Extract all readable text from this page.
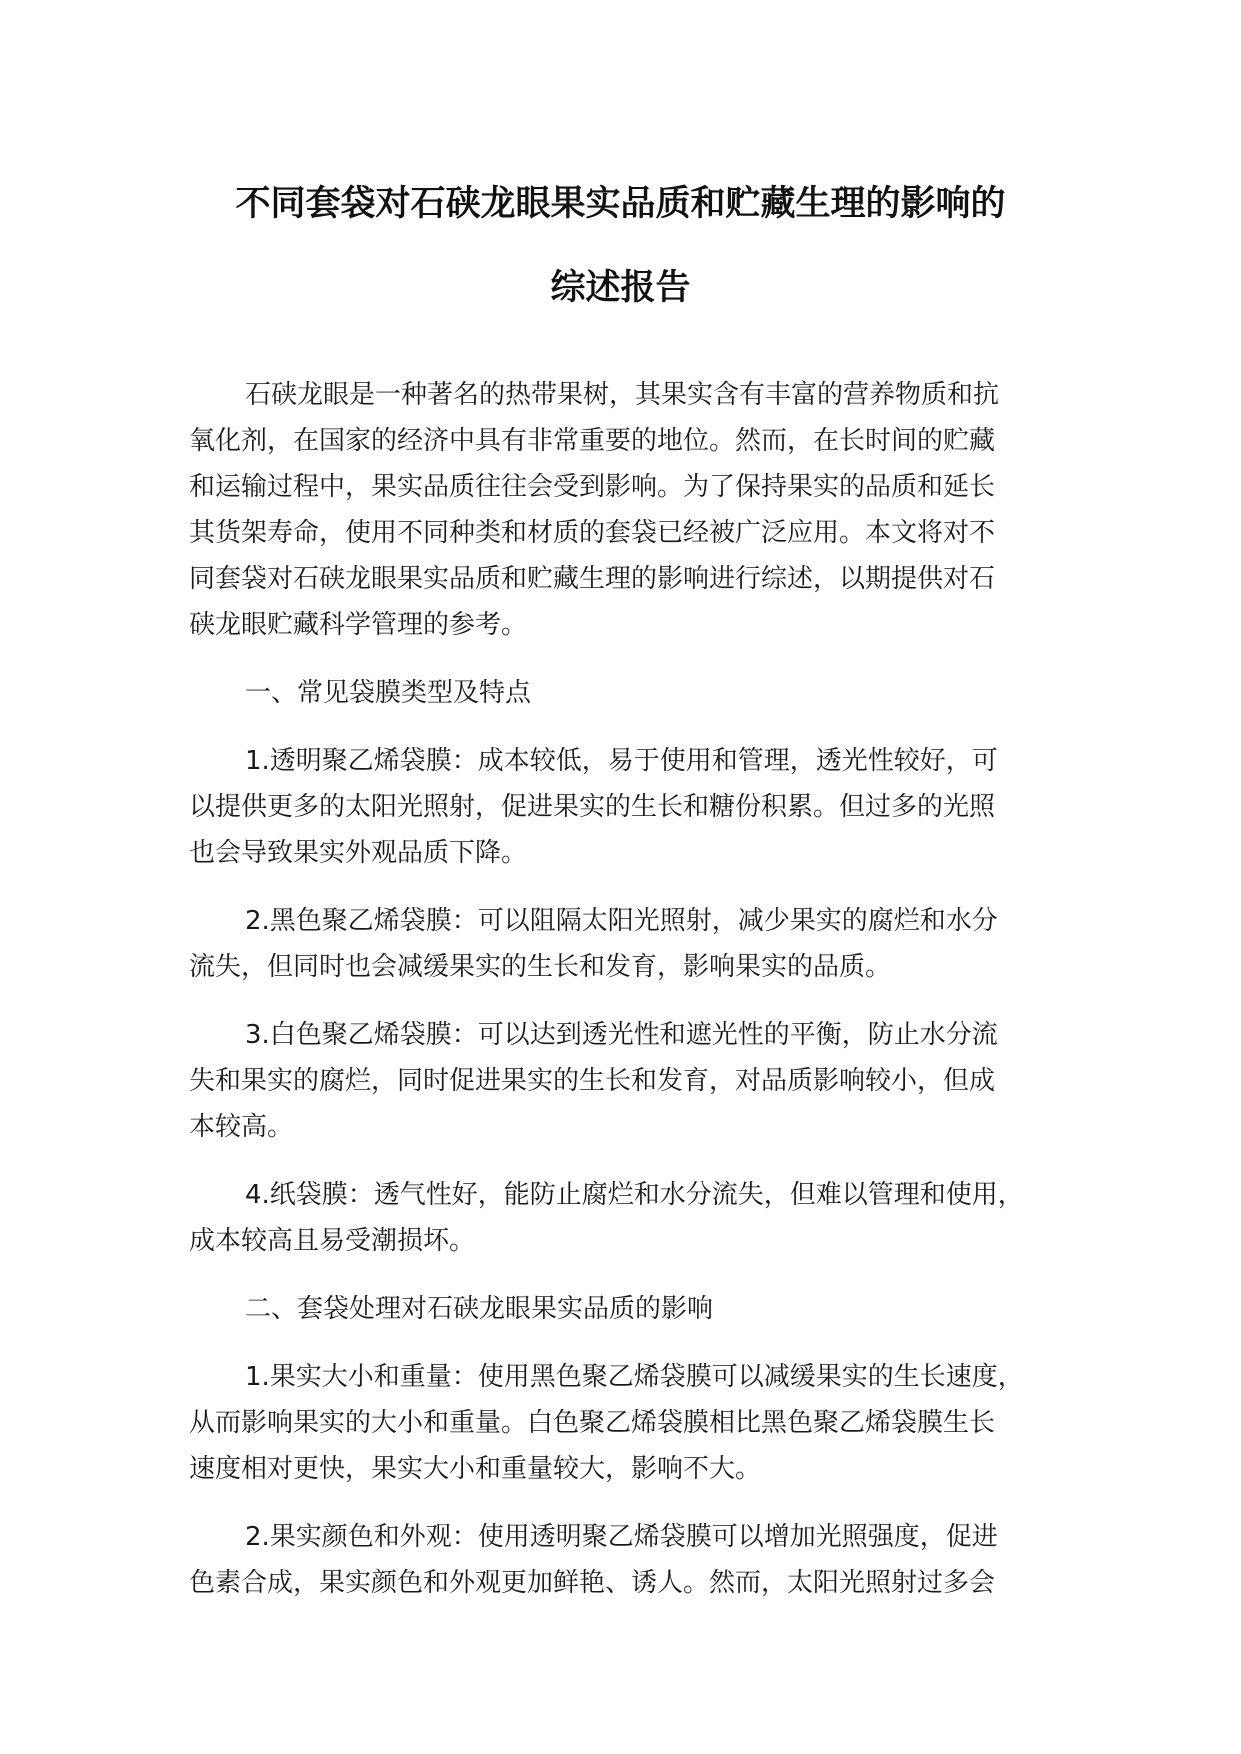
不同套袋对石硖龙眼果实品质和贮藏生理的影响的
综述报告
石硖龙眼是一种著名的热带果树，其果实含有丰富的营养物质和抗
氧化剂，在国家的经济中具有非常重要的地位。然而，在长时间的贮藏
和运输过程中，果实品质往往会受到影响。为了保持果实的品质和延长
其货架寿命，使用不同种类和材质的套袋已经被广泛应用。本文将对不
同套袋对石硖龙眼果实品质和贮藏生理的影响进行综述，以期提供对石
硖龙眼贮藏科学管理的参考。
一、常见袋膜类型及特点
1.透明聚乙烯袋膜：成本较低，易于使用和管理，透光性较好，可
以提供更多的太阳光照射，促进果实的生长和糖份积累。但过多的光照
也会导致果实外观品质下降。
2.黑色聚乙烯袋膜：可以阻隔太阳光照射，减少果实的腐烂和水分
流失，但同时也会减缓果实的生长和发育，影响果实的品质。
3.白色聚乙烯袋膜：可以达到透光性和遮光性的平衡，防止水分流
失和果实的腐烂，同时促进果实的生长和发育，对品质影响较小，但成
本较高。
4.纸袋膜：透气性好，能防止腐烂和水分流失，但难以管理和使用，
成本较高且易受潮损坏。
二、套袋处理对石硖龙眼果实品质的影响
1.果实大小和重量：使用黑色聚乙烯袋膜可以减缓果实的生长速度，
从而影响果实的大小和重量。白色聚乙烯袋膜相比黑色聚乙烯袋膜生长
速度相对更快，果实大小和重量较大，影响不大。
2.果实颜色和外观：使用透明聚乙烯袋膜可以增加光照强度，促进
色素合成，果实颜色和外观更加鲜艳、诱人。然而，太阳光照射过多会
